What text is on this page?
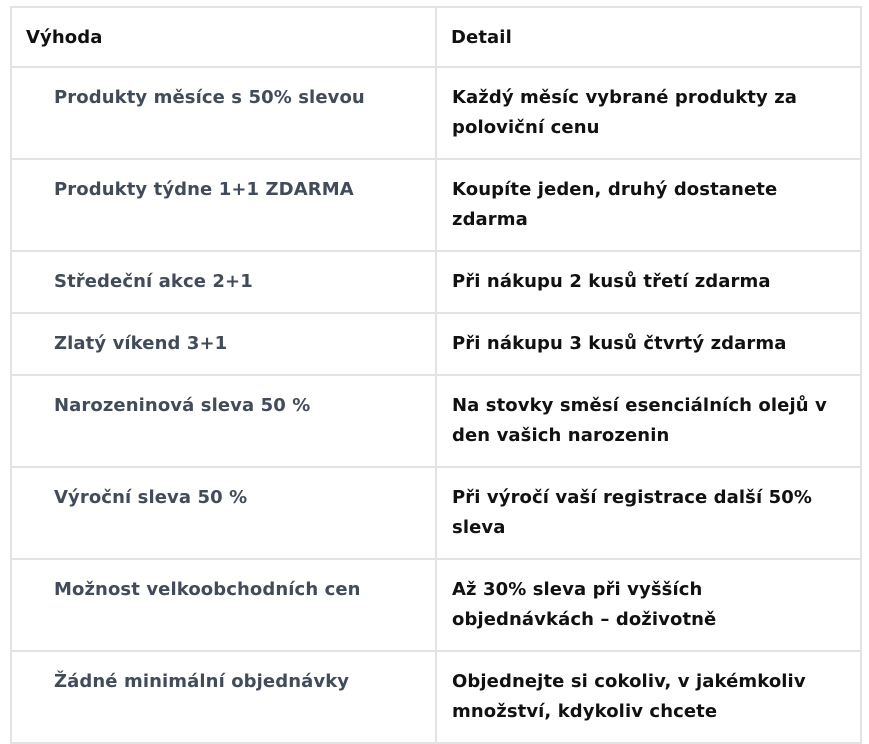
Výhoda	Detail
Produkty měsíce s 50% slevou	Každý měsíc vybrané produkty za poloviční cenu
Produkty týdne 1+1 ZDARMA	Koupíte jeden, druhý dostanete zdarma
Středeční akce 2+1	Při nákupu 2 kusů třetí zdarma
Zlatý víkend 3+1	Při nákupu 3 kusů čtvrtý zdarma
Narozeninová sleva 50 %	Na stovky směsí esenciálních olejů v den vašich narozenin
Výroční sleva 50 %	Při výročí vaší registrace další 50% sleva
Možnost velkoobchodních cen	Až 30% sleva při vyšších objednávkách – doživotně
Žádné minimální objednávky	Objednejte si cokoliv, v jakémkoliv množství, kdykoliv chcete
